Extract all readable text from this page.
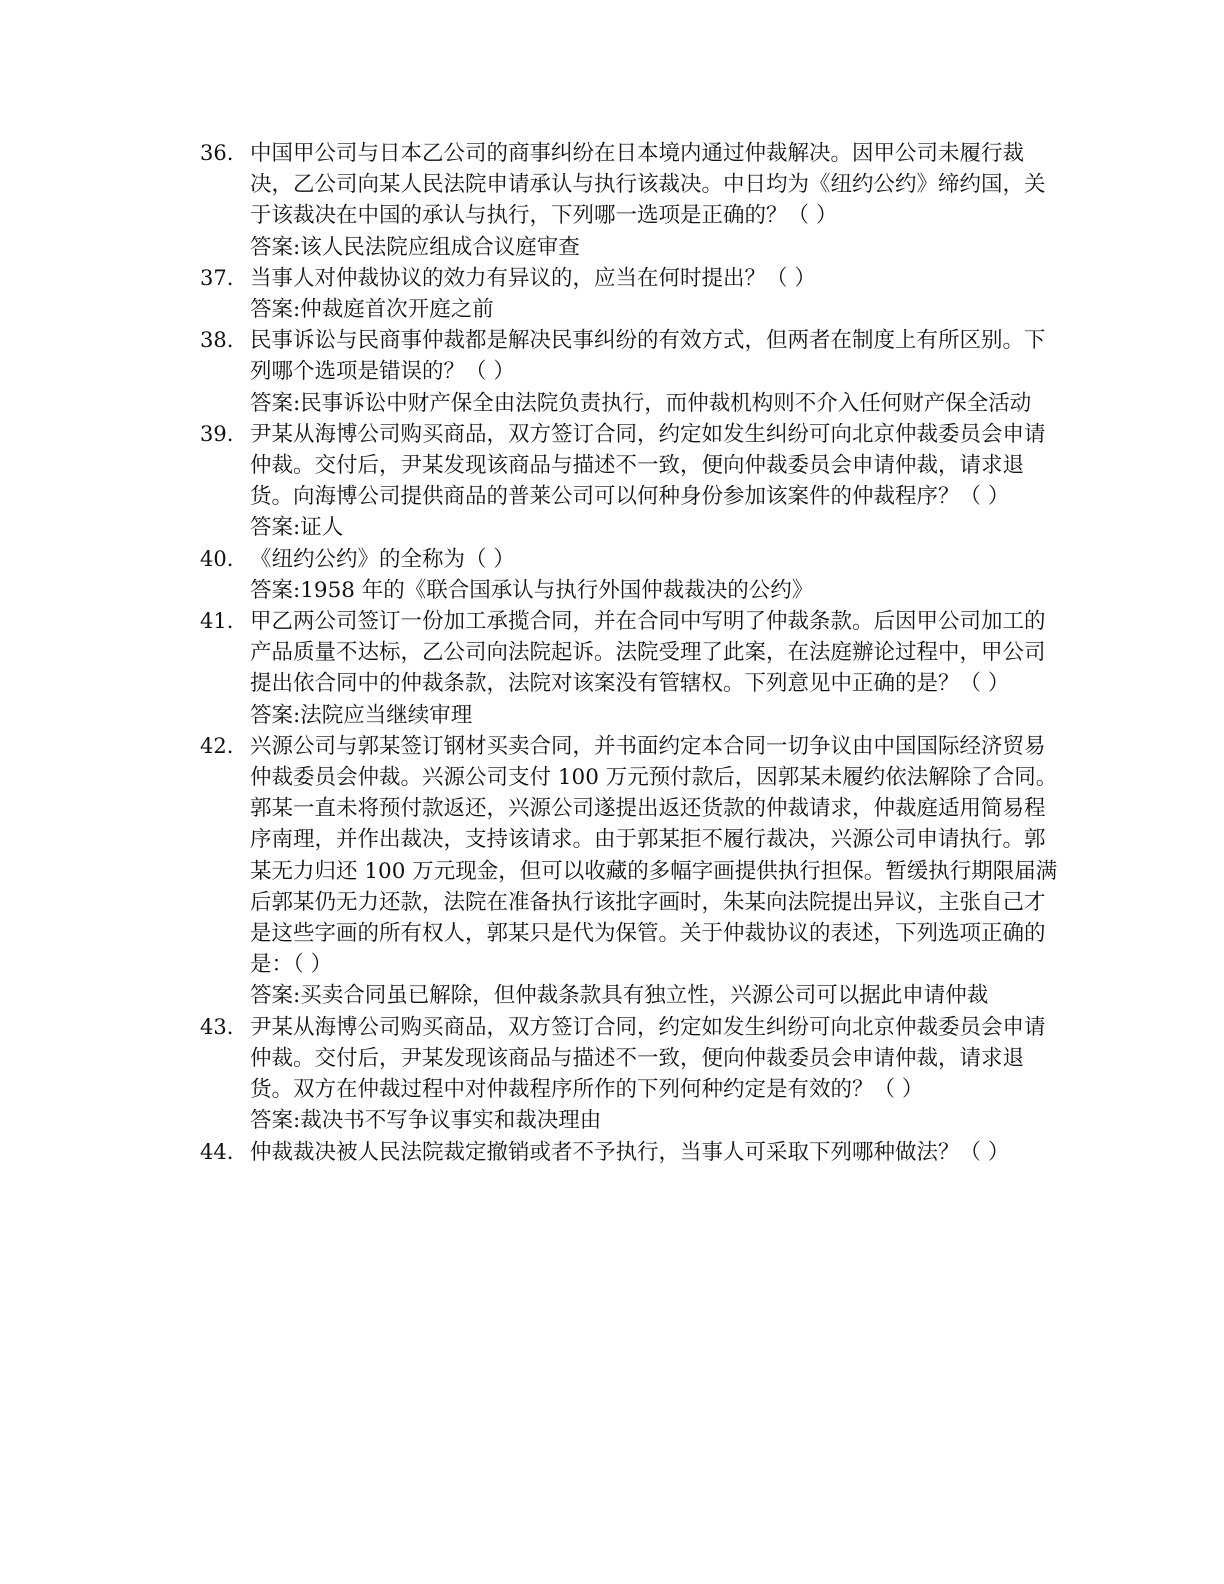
36. 中国甲公司与日本乙公司的商事纠纷在日本境内通过仲裁解决。因甲公司未履行裁决，乙公司向某人民法院申请承认与执行该裁决。中日均为《纽约公约》缔约国，关于该裁决在中国的承认与执行，下列哪一选项是正确的？（ ）

答案:该人民法院应组成合议庭审查

37. 当事人对仲裁协议的效力有异议的，应当在何时提出？（ ）

答案:仲裁庭首次开庭之前

38. 民事诉讼与民商事仲裁都是解决民事纠纷的有效方式，但两者在制度上有所区别。下列哪个选项是错误的？（ ）

答案:民事诉讼中财产保全由法院负责执行，而仲裁机构则不介入任何财产保全活动

39. 尹某从海博公司购买商品，双方签订合同，约定如发生纠纷可向北京仲裁委员会申请仲裁。交付后，尹某发现该商品与描述不一致，便向仲裁委员会申请仲裁，请求退货。向海博公司提供商品的普莱公司可以何种身份参加该案件的仲裁程序？（ ）

答案:证人

40. 《纽约公约》的全称为（ ）

答案:1958 年的《联合国承认与执行外国仲裁裁决的公约》

41. 甲乙两公司签订一份加工承揽合同，并在合同中写明了仲裁条款。后因甲公司加工的产品质量不达标，乙公司向法院起诉。法院受理了此案，在法庭辦论过程中，甲公司提出依合同中的仲裁条款，法院对该案没有管辖权。下列意见中正确的是？（ ）

答案:法院应当继续审理

42. 兴源公司与郭某签订钢材买卖合同，并书面约定本合同一切争议由中国国际经济贸易仲裁委员会仲裁。兴源公司支付 100 万元预付款后，因郭某未履约依法解除了合同。郭某一直未将预付款返还，兴源公司遂提出返还货款的仲裁请求，仲裁庭适用简易程序南理，并作出裁决，支持该请求。由于郭某拒不履行裁决，兴源公司申请执行。郭某无力归还 100 万元现金，但可以收藏的多幅字画提供执行担保。暂缓执行期限届满后郭某仍无力还款，法院在准备执行该批字画时，朱某向法院提出异议，主张自己才是这些字画的所有权人，郭某只是代为保管。关于仲裁协议的表述，下列选项正确的是：（ ）

答案:买卖合同虽已解除，但仲裁条款具有独立性，兴源公司可以据此申请仲裁

43. 尹某从海博公司购买商品，双方签订合同，约定如发生纠纷可向北京仲裁委员会申请仲裁。交付后，尹某发现该商品与描述不一致，便向仲裁委员会申请仲裁，请求退货。双方在仲裁过程中对仲裁程序所作的下列何种约定是有效的？（ ）

答案:裁决书不写争议事实和裁决理由

44. 仲裁裁决被人民法院裁定撤销或者不予执行，当事人可采取下列哪种做法？（ ）
